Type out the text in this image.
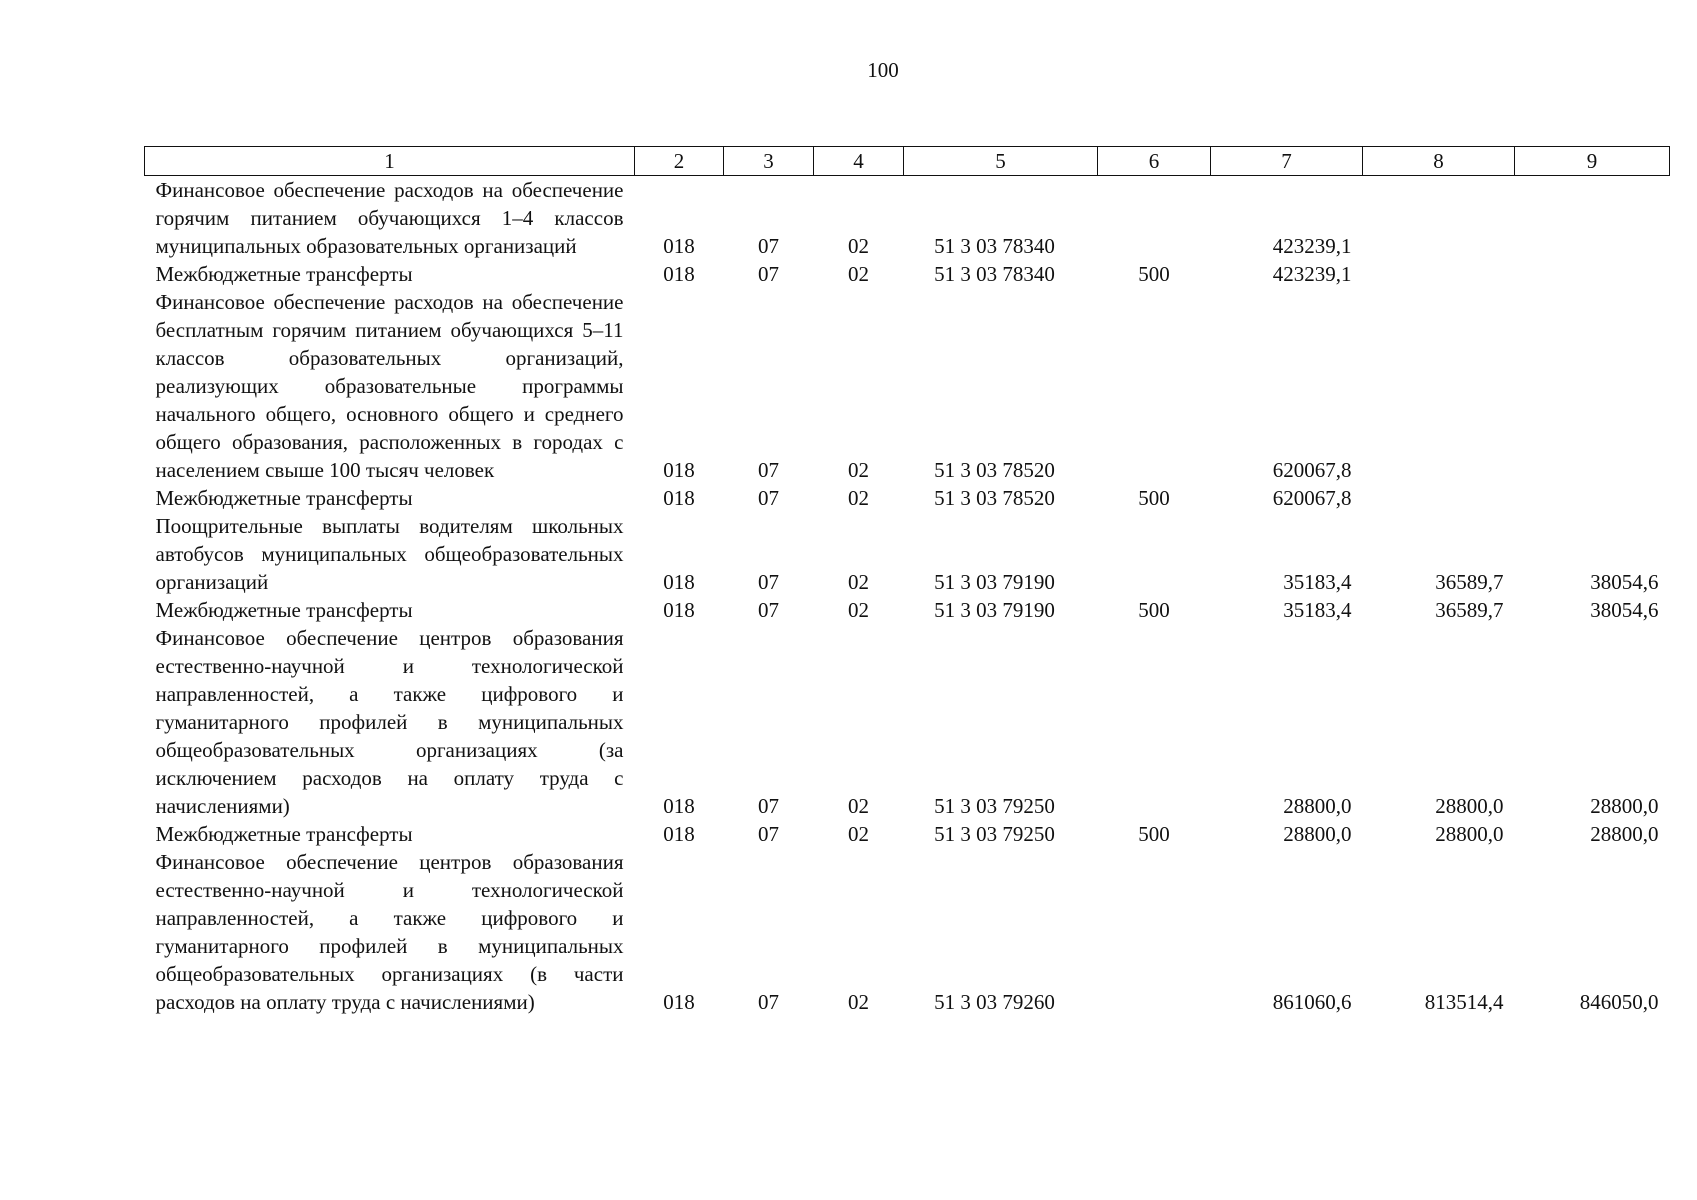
100
1	2	3	4	5	6	7	8	9
Финансовое обеспечение расходов на обеспечение горячим питанием обучающихся 1–4 классов муниципальных образовательных организаций	018	07	02	51 3 03 78340		423239,1		
Межбюджетные трансферты	018	07	02	51 3 03 78340	500	423239,1		
Финансовое обеспечение расходов на обеспечение бесплатным горячим питанием обучающихся 5–11 классов образовательных организаций, реализующих образовательные программы начального общего, основного общего и среднего общего образования, расположенных в городах с населением свыше 100 тысяч человек	018	07	02	51 3 03 78520		620067,8		
Межбюджетные трансферты	018	07	02	51 3 03 78520	500	620067,8		
Поощрительные выплаты водителям школьных автобусов муниципальных общеобразовательных организаций	018	07	02	51 3 03 79190		35183,4	36589,7	38054,6
Межбюджетные трансферты	018	07	02	51 3 03 79190	500	35183,4	36589,7	38054,6
Финансовое обеспечение центров образования естественно-научной и технологической направленностей, а также цифрового и гуманитарного профилей в муниципальных общеобразовательных организациях (за исключением расходов на оплату труда с начислениями)	018	07	02	51 3 03 79250		28800,0	28800,0	28800,0
Межбюджетные трансферты	018	07	02	51 3 03 79250	500	28800,0	28800,0	28800,0
Финансовое обеспечение центров образования естественно-научной и технологической направленностей, а также цифрового и гуманитарного профилей в муниципальных общеобразовательных организациях (в части расходов на оплату труда с начислениями)	018	07	02	51 3 03 79260		861060,6	813514,4	846050,0
